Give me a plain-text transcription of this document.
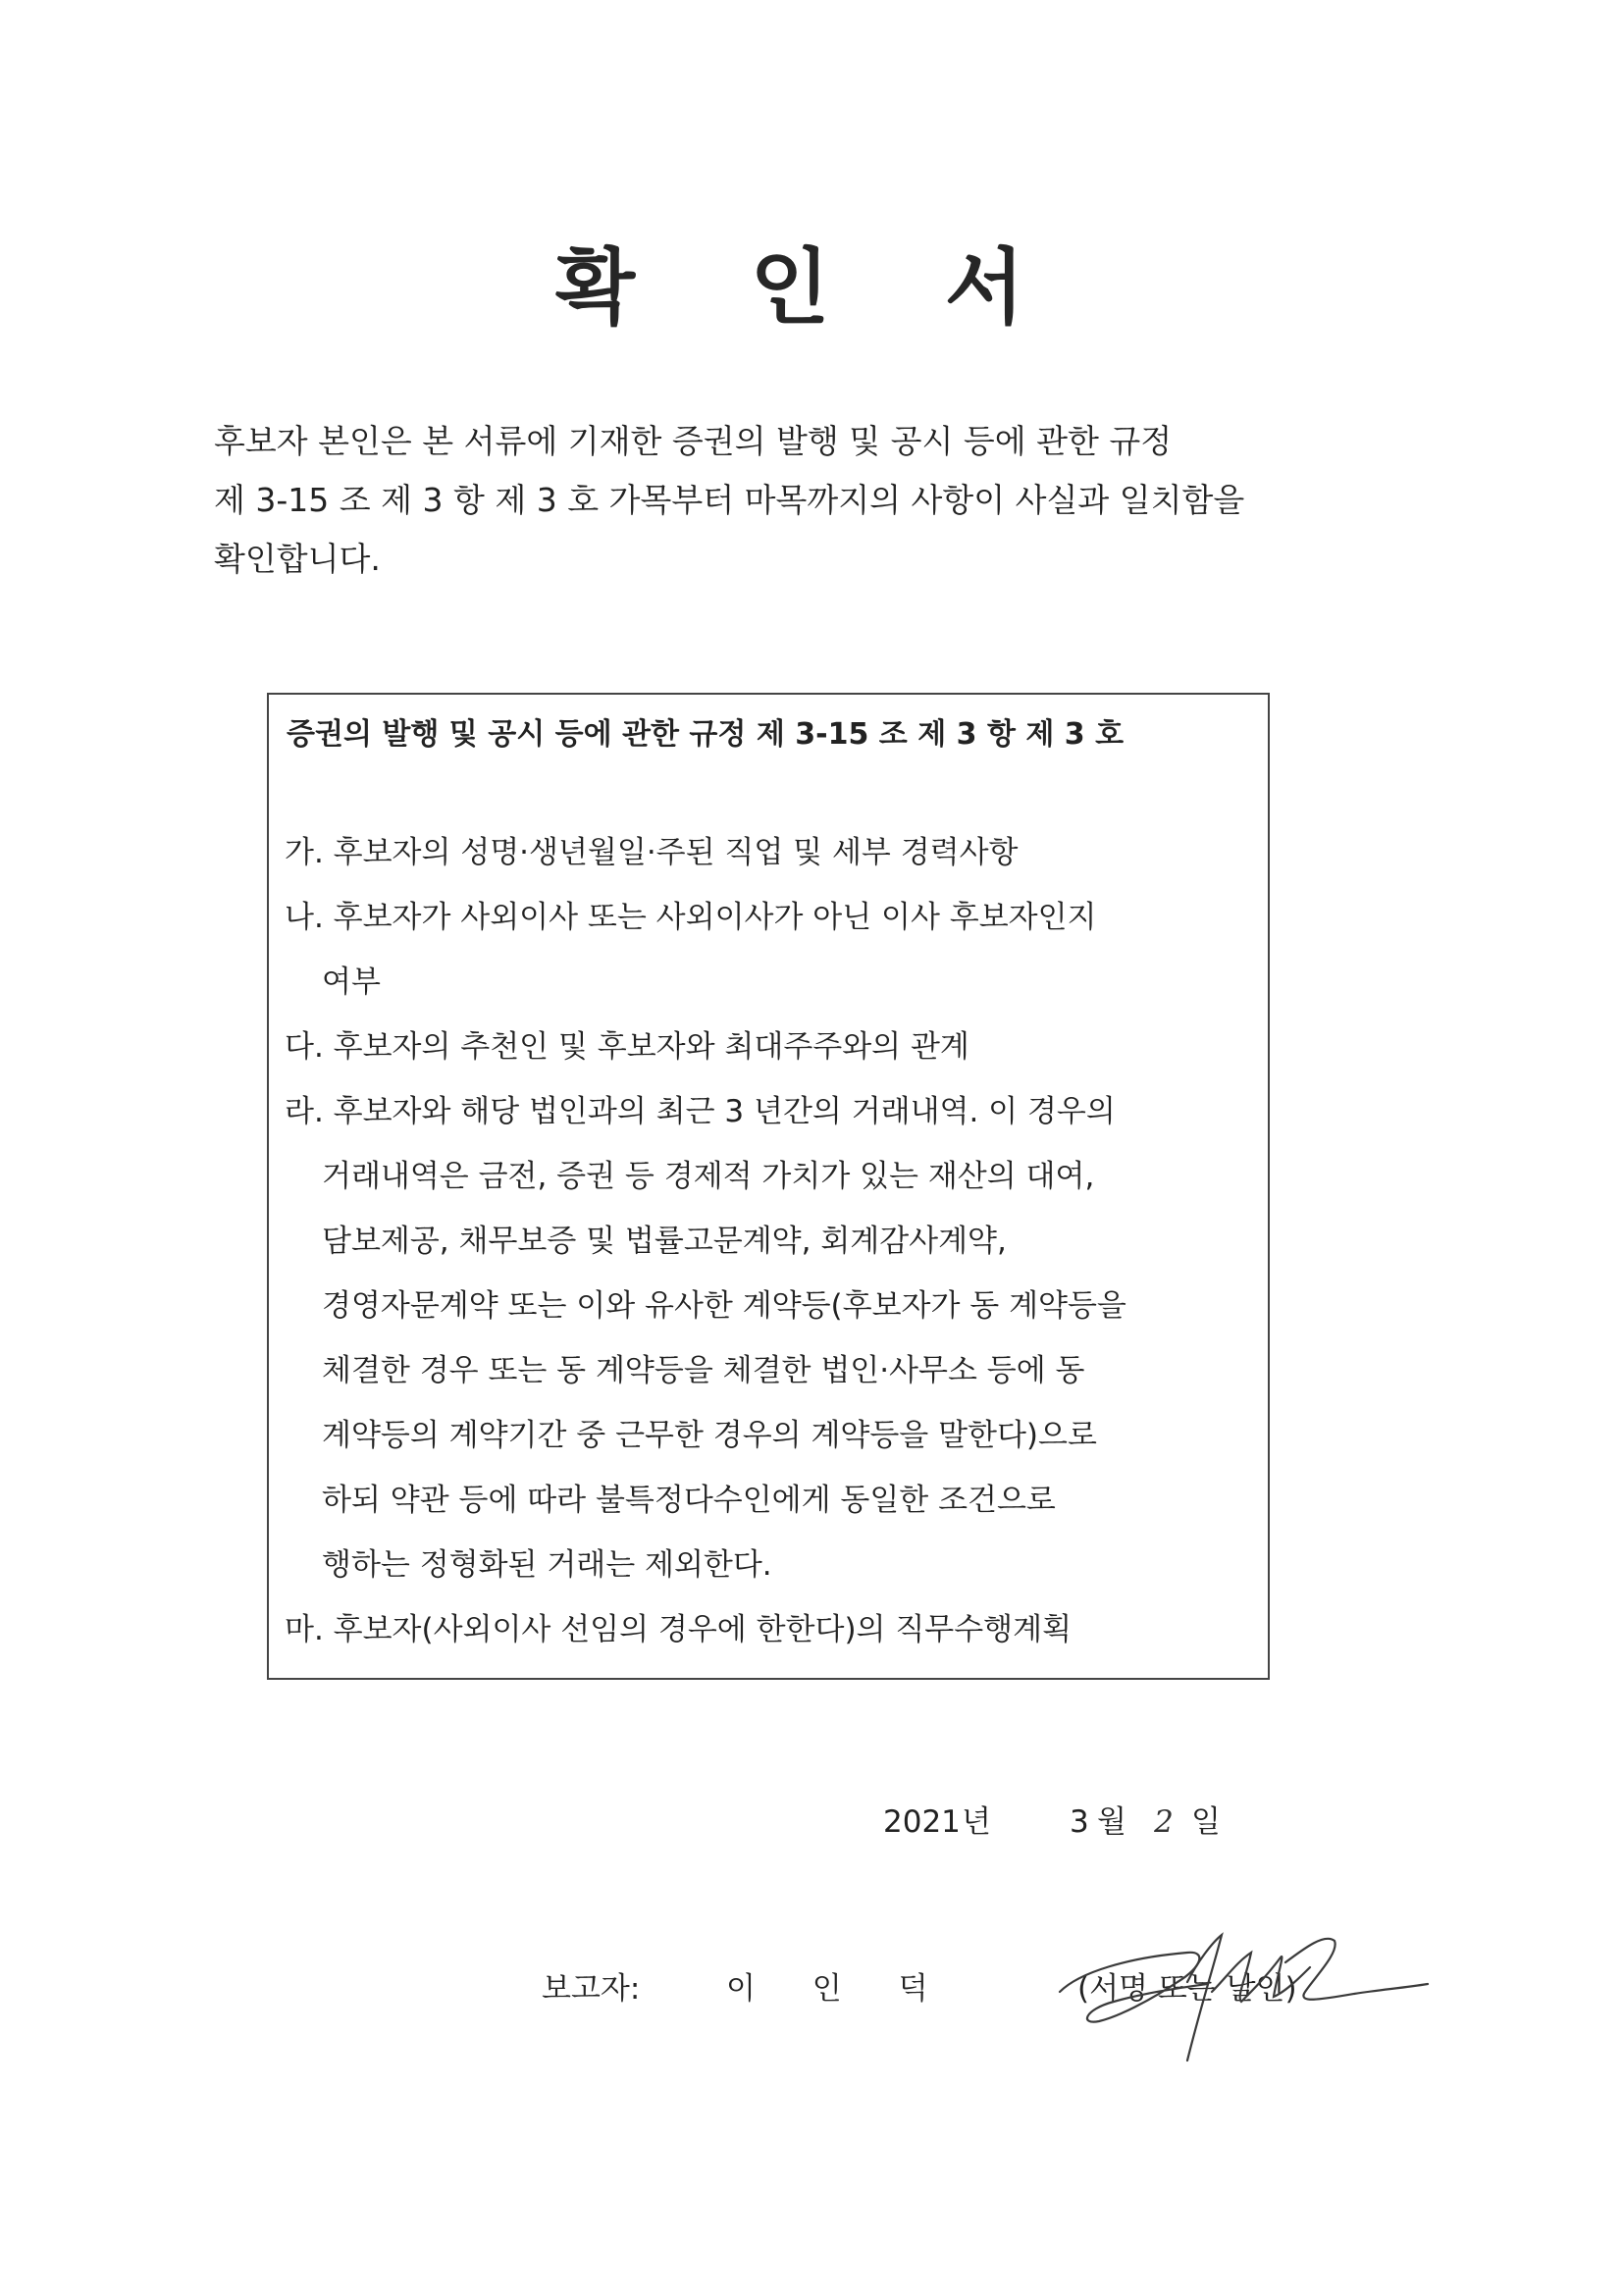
확 인 서
후보자 본인은 본 서류에 기재한 증권의 발행 및 공시 등에 관한 규정
제 3-15 조 제 3 항 제 3 호 가목부터 마목까지의 사항이 사실과 일치함을
확인합니다.
증권의 발행 및 공시 등에 관한 규정 제 3-15 조 제 3 항 제 3 호
가. 후보자의 성명·생년월일·주된 직업 및 세부 경력사항
나. 후보자가 사외이사 또는 사외이사가 아닌 이사 후보자인지
여부
다. 후보자의 추천인 및 후보자와 최대주주와의 관계
라. 후보자와 해당 법인과의 최근 3 년간의 거래내역. 이 경우의
거래내역은 금전, 증권 등 경제적 가치가 있는 재산의 대여,
담보제공, 채무보증 및 법률고문계약, 회계감사계약,
경영자문계약 또는 이와 유사한 계약등(후보자가 동 계약등을
체결한 경우 또는 동 계약등을 체결한 법인·사무소 등에 동
계약등의 계약기간 중 근무한 경우의 계약등을 말한다)으로
하되 약관 등에 따라 불특정다수인에게 동일한 조건으로
행하는 정형화된 거래는 제외한다.
마. 후보자(사외이사 선임의 경우에 한한다)의 직무수행계획
2021년	3 월 2 일
보고자:	이 인 덕	(서명 또는 날인)
